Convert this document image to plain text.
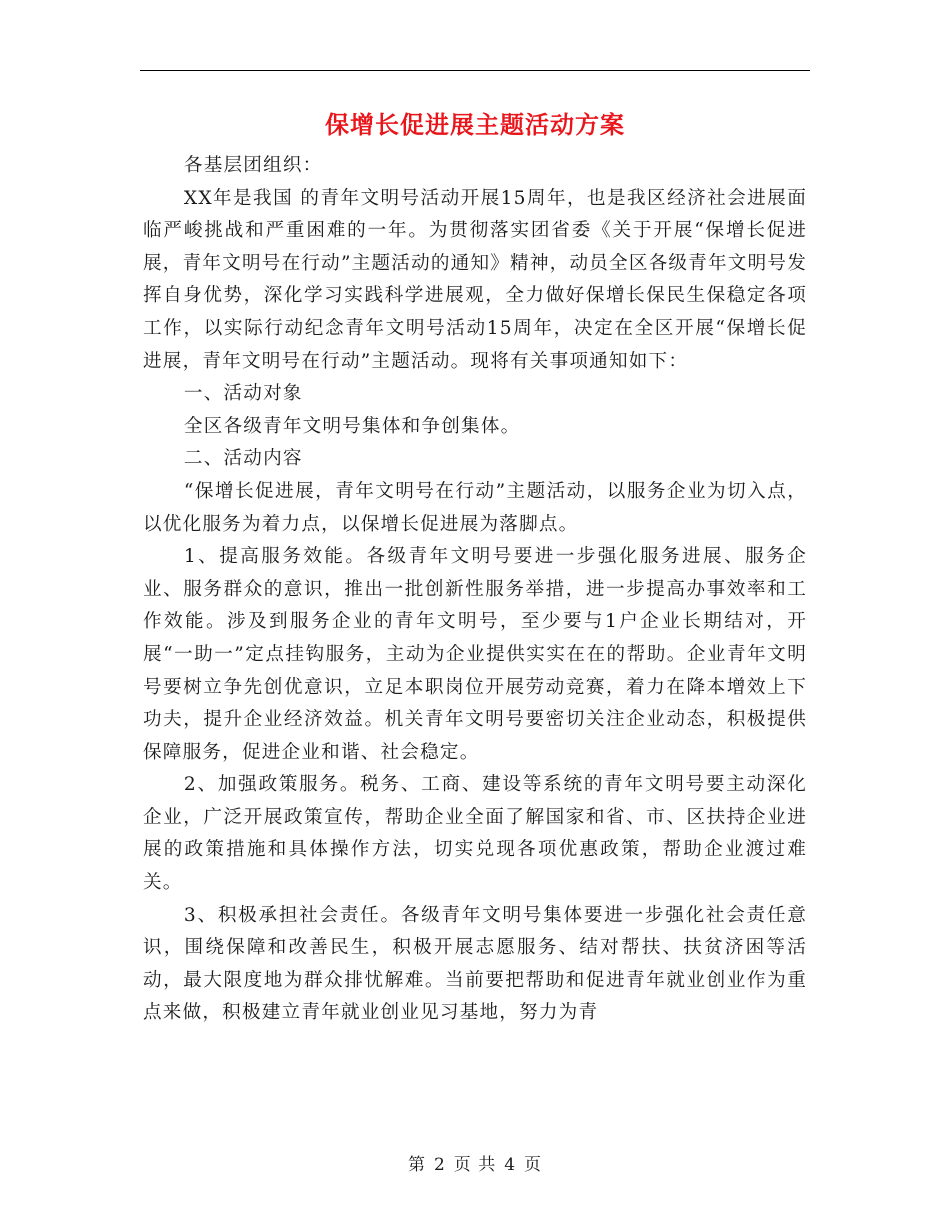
保增长促进展主题活动方案

各基层团组织：

XX年是我国 的青年文明号活动开展15周年，也是我区经济社会进展面临严峻挑战和严重困难的一年。为贯彻落实团省委《关于开展“保增长促进展，青年文明号在行动”主题活动的通知》精神，动员全区各级青年文明号发挥自身优势，深化学习实践科学进展观，全力做好保增长保民生保稳定各项工作，以实际行动纪念青年文明号活动15周年，决定在全区开展“保增长促进展，青年文明号在行动”主题活动。现将有关事项通知如下：

一、活动对象

全区各级青年文明号集体和争创集体。

二、活动内容

“保增长促进展，青年文明号在行动”主题活动，以服务企业为切入点，以优化服务为着力点，以保增长促进展为落脚点。

1、提高服务效能。各级青年文明号要进一步强化服务进展、服务企业、服务群众的意识，推出一批创新性服务举措，进一步提高办事效率和工作效能。涉及到服务企业的青年文明号，至少要与1户企业长期结对，开展“一助一”定点挂钩服务，主动为企业提供实实在在的帮助。企业青年文明号要树立争先创优意识，立足本职岗位开展劳动竞赛，着力在降本增效上下功夫，提升企业经济效益。机关青年文明号要密切关注企业动态，积极提供保障服务，促进企业和谐、社会稳定。

2、加强政策服务。税务、工商、建设等系统的青年文明号要主动深化企业，广泛开展政策宣传，帮助企业全面了解国家和省、市、区扶持企业进展的政策措施和具体操作方法，切实兑现各项优惠政策，帮助企业渡过难关。

3、积极承担社会责任。各级青年文明号集体要进一步强化社会责任意识，围绕保障和改善民生，积极开展志愿服务、结对帮扶、扶贫济困等活动，最大限度地为群众排忧解难。当前要把帮助和促进青年就业创业作为重点来做，积极建立青年就业创业见习基地，努力为青

第 2 页 共 4 页
